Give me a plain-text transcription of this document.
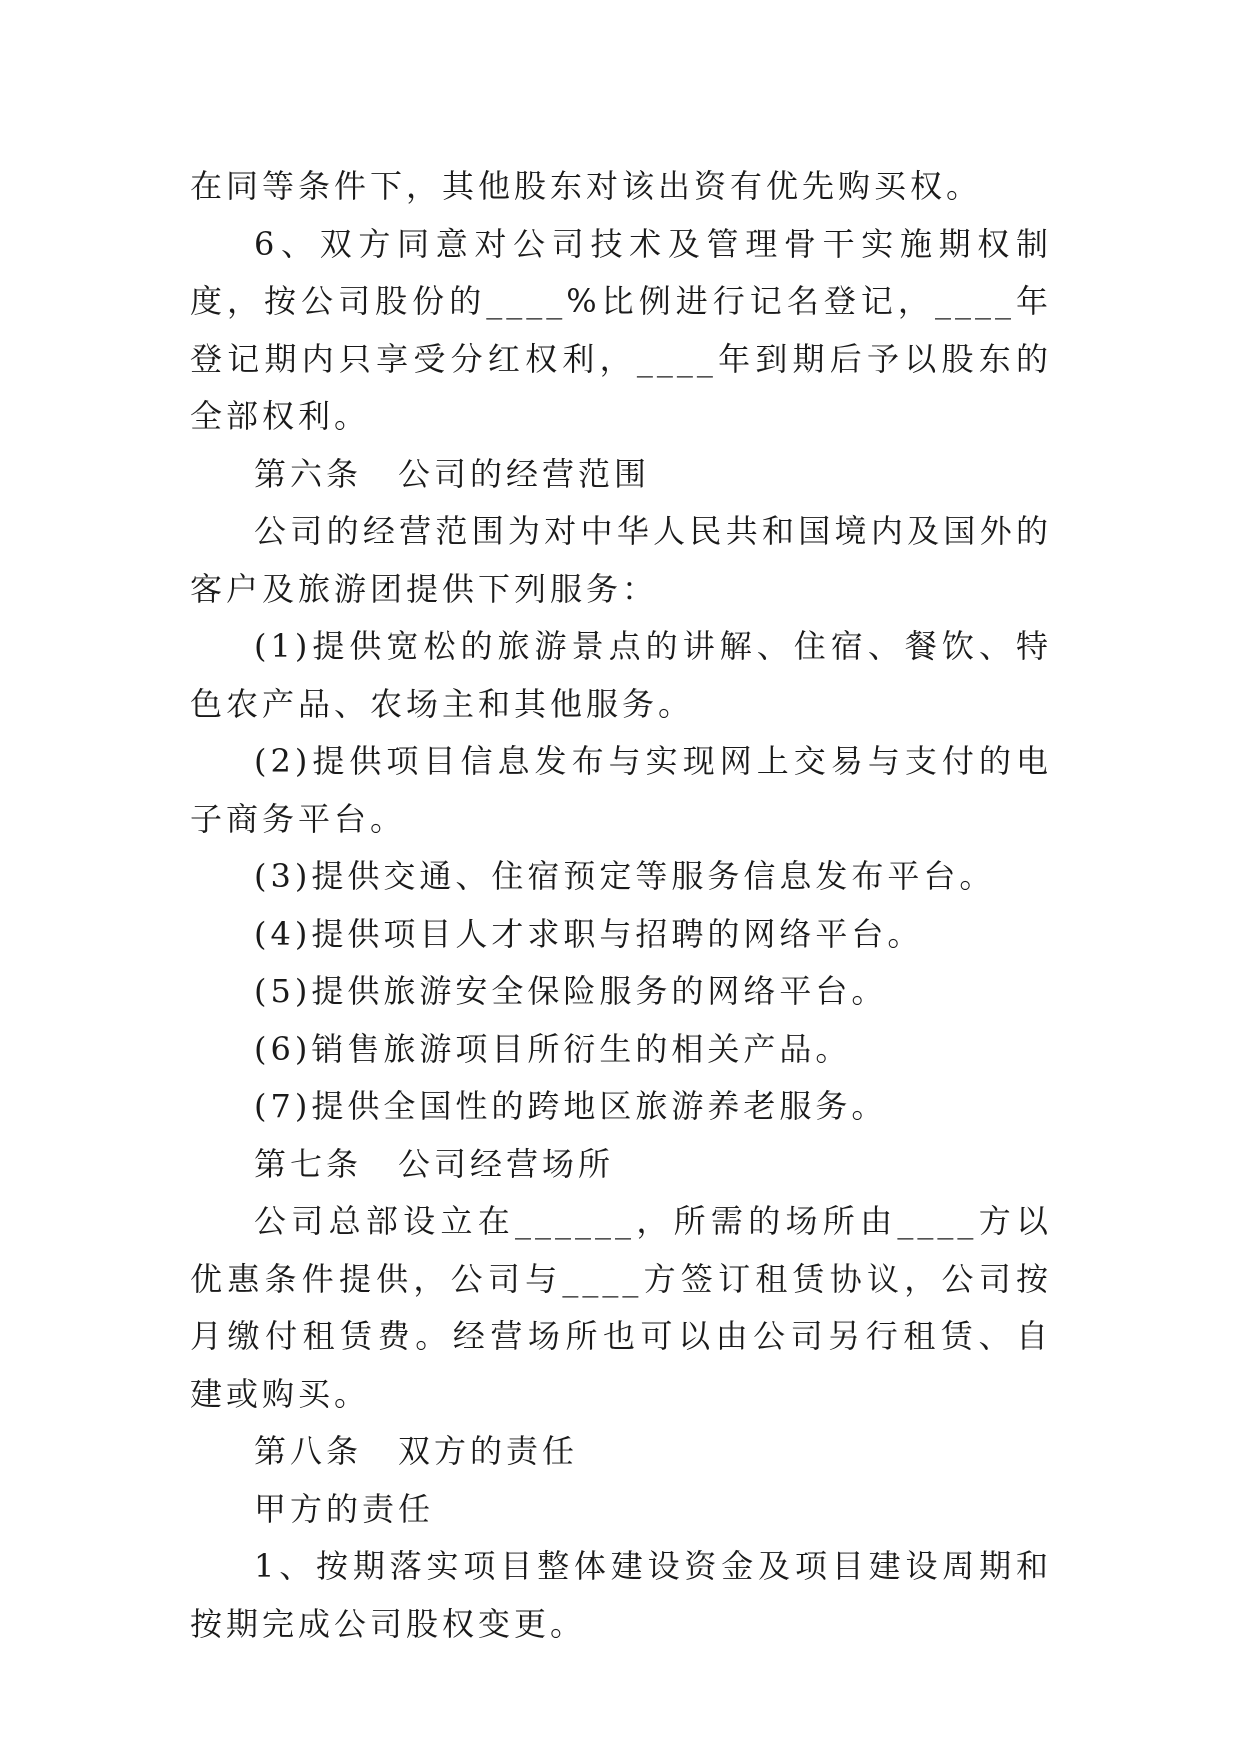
在同等条件下，其他股东对该出资有优先购买权。

6、双方同意对公司技术及管理骨干实施期权制度，按公司股份的____%比例进行记名登记，____年登记期内只享受分红权利，____年到期后予以股东的全部权利。

第六条　公司的经营范围

公司的经营范围为对中华人民共和国境内及国外的客户及旅游团提供下列服务：

(1)提供宽松的旅游景点的讲解、住宿、餐饮、特色农产品、农场主和其他服务。

(2)提供项目信息发布与实现网上交易与支付的电子商务平台。

(3)提供交通、住宿预定等服务信息发布平台。

(4)提供项目人才求职与招聘的网络平台。

(5)提供旅游安全保险服务的网络平台。

(6)销售旅游项目所衍生的相关产品。

(7)提供全国性的跨地区旅游养老服务。

第七条　公司经营场所

公司总部设立在______，所需的场所由____方以优惠条件提供，公司与____方签订租赁协议，公司按月缴付租赁费。经营场所也可以由公司另行租赁、自建或购买。

第八条　双方的责任

甲方的责任

1、按期落实项目整体建设资金及项目建设周期和按期完成公司股权变更。
